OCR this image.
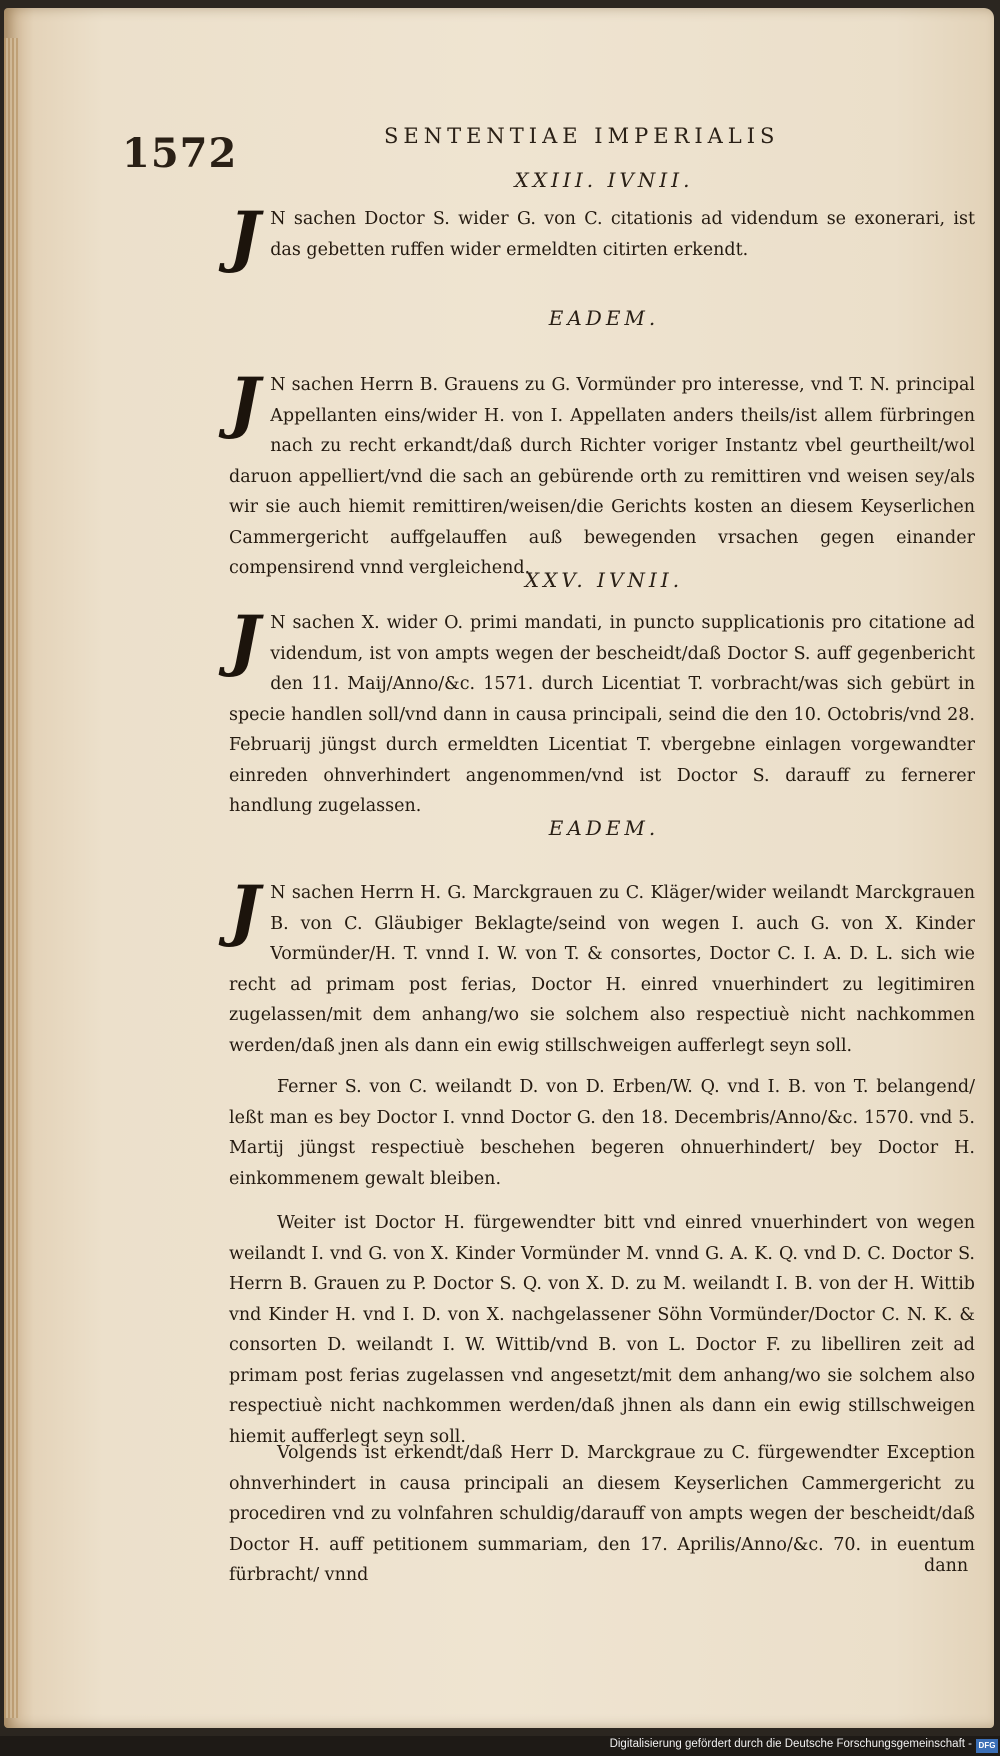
1572	SENTENTIAE IMPERIALIS
XXIII. IVNII.

J N sachen Doctor S. wider G. von C. citationis ad videndum se exonerari, ist das gebetten ruffen wider ermeldten citirten erkendt.

EADEM.

J N sachen Herrn B. Grauens zu G. Vormünder pro interesse, vnd T. N. principal Appellanten eins/wider H. von I. Appellaten anders theils/ist allem fürbringen nach zu recht erkandt/daß durch Richter voriger Instantz vbel geurtheilt/wol daruon appelliert/vnd die sach an gebürende orth zu remittiren vnd weisen sey/als wir sie auch hiemit remittiren/weisen/die Gerichts kosten an diesem Keyserlichen Cammergericht auffgelauffen auß bewegenden vrsachen gegen einander compensirend vnnd vergleichend.

XXV. IVNII.

J N sachen X. wider O. primi mandati, in puncto supplicationis pro citatione ad videndum, ist von ampts wegen der bescheidt/daß Doctor S. auff gegenbericht den 11. Maij/Anno/&c. 1571. durch Licentiat T. vorbracht/was sich gebürt in specie handlen soll/vnd dann in causa principali, seind die den 10. Octobris/vnd 28. Februarij jüngst durch ermeldten Licentiat T. vbergebne einlagen vorgewandter einreden ohnverhindert angenommen/vnd ist Doctor S. darauff zu fernerer handlung zugelassen.

EADEM.

J N sachen Herrn H. G. Marckgrauen zu C. Kläger/wider weilandt Marckgrauen B. von C. Gläubiger Beklagte/seind von wegen I. auch G. von X. Kinder Vormünder/H. T. vnnd I. W. von T. & consortes, Doctor C. I. A. D. L. sich wie recht ad primam post ferias, Doctor H. einred vnuerhindert zu legitimiren zugelassen/mit dem anhang/wo sie solchem also respectiuè nicht nachkommen werden/daß jnen als dann ein ewig stillschweigen aufferlegt seyn soll.

Ferner S. von C. weilandt D. von D. Erben/W. Q. vnd I. B. von T. belangend/ leßt man es bey Doctor I. vnnd Doctor G. den 18. Decembris/Anno/&c. 1570. vnd 5. Martij jüngst respectiuè beschehen begeren ohnuerhindert/ bey Doctor H. einkommenem gewalt bleiben.

Weiter ist Doctor H. fürgewendter bitt vnd einred vnuerhindert von wegen weilandt I. vnd G. von X. Kinder Vormünder M. vnnd G. A. K. Q. vnd D. C. Doctor S. Herrn B. Grauen zu P. Doctor S. Q. von X. D. zu M. weilandt I. B. von der H. Wittib vnd Kinder H. vnd I. D. von X. nachgelassener Söhn Vormünder/Doctor C. N. K. & consorten D. weilandt I. W. Wittib/vnd B. von L. Doctor F. zu libelliren zeit ad primam post ferias zugelassen vnd angesetzt/mit dem anhang/wo sie solchem also respectiuè nicht nachkommen werden/daß jhnen als dann ein ewig stillschweigen hiemit aufferlegt seyn soll.

Volgends ist erkendt/daß Herr D. Marckgraue zu C. fürgewendter Exception ohnverhindert in causa principali an diesem Keyserlichen Cammergericht zu procediren vnd zu volnfahren schuldig/darauff von ampts wegen der bescheidt/daß Doctor H. auff petitionem summariam, den 17. Aprilis/Anno/&c. 70. in euentum fürbracht/ vnnd	dann
Digitalisierung gefördert durch die Deutsche Forschungsgemeinschaft - DFG
